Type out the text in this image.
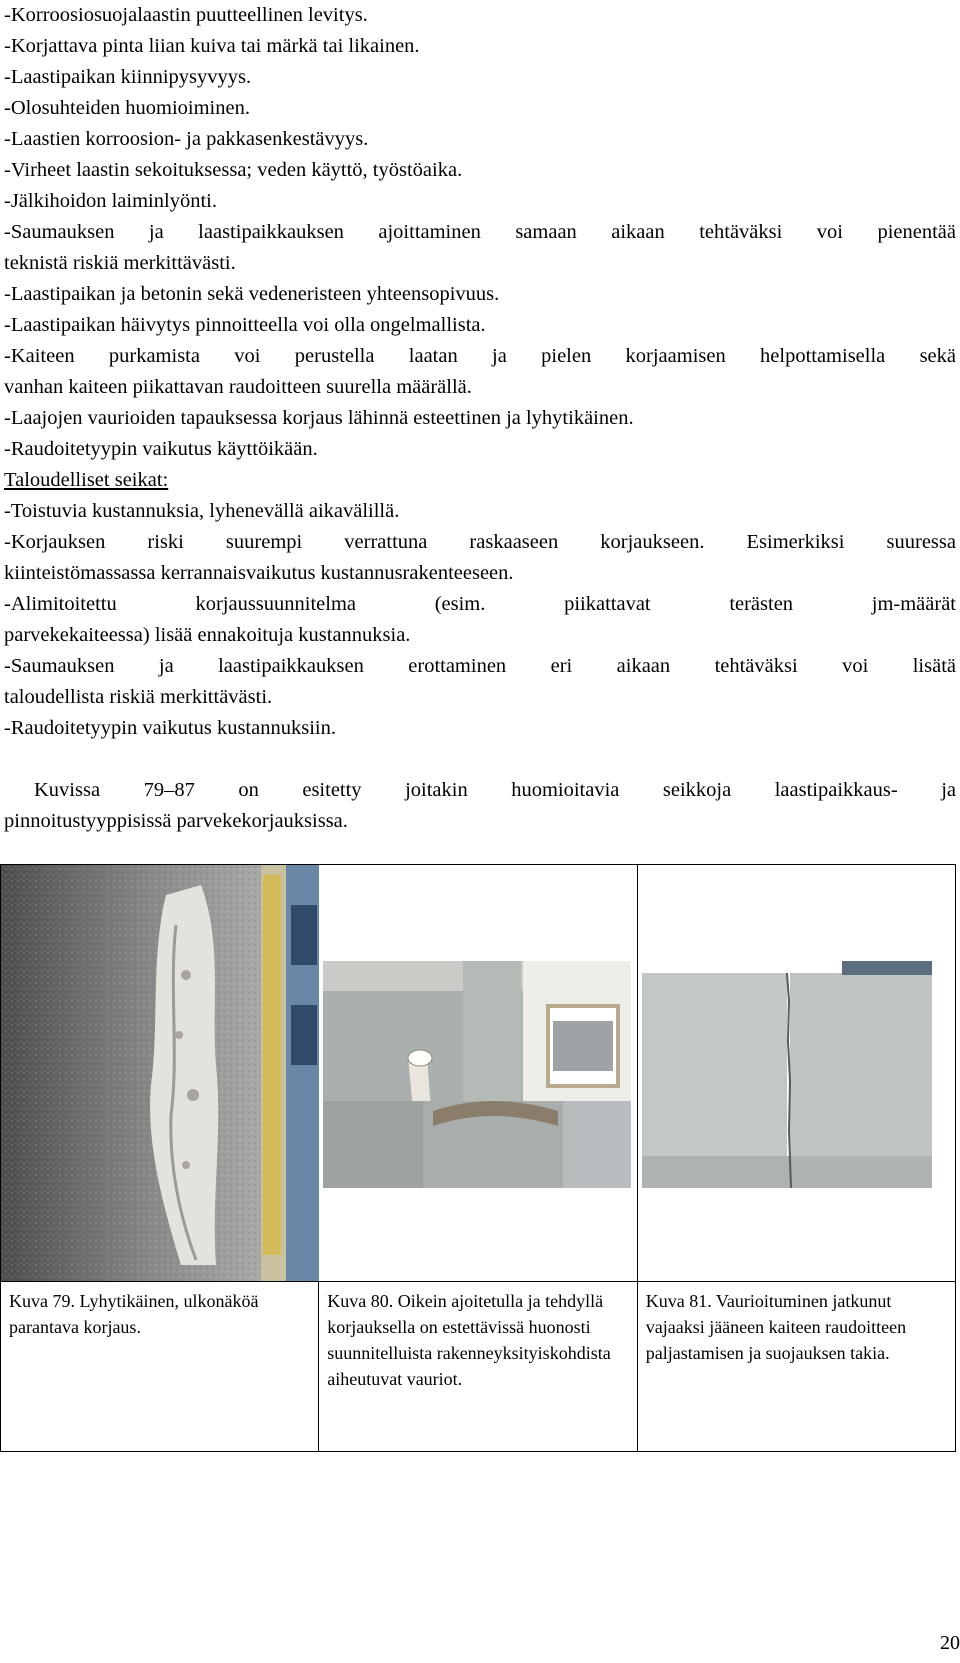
-Korroosiosuojalaastin puutteellinen levitys.
-Korjattava pinta liian kuiva tai märkä tai likainen.
-Laastipaikan kiinnipysyvyys.
-Olosuhteiden huomioiminen.
-Laastien korroosion- ja pakkasenkestävyys.
-Virheet laastin sekoituksessa; veden käyttö, työstöaika.
-Jälkihoidon laiminlyönti.
-Saumauksen ja laastipaikkauksen ajoittaminen samaan aikaan tehtäväksi voi pienentää
teknistä riskiä merkittävästi.
-Laastipaikan ja betonin sekä vedeneristeen yhteensopivuus.
-Laastipaikan häivytys pinnoitteella voi olla ongelmallista.
-Kaiteen purkamista voi perustella laatan ja pielen korjaamisen helpottamisella sekä
vanhan kaiteen piikattavan raudoitteen suurella määrällä.
-Laajojen vaurioiden tapauksessa korjaus lähinnä esteettinen ja lyhytikäinen.
-Raudoitetyypin vaikutus käyttöikään.
Taloudelliset seikat:
-Toistuvia kustannuksia, lyhenevällä aikavälillä.
-Korjauksen riski suurempi verrattuna raskaaseen korjaukseen. Esimerkiksi suuressa
kiinteistömassassa kerrannaisvaikutus kustannusrakenteeseen.
-Alimitoitettu korjaussuunnitelma (esim. piikattavat terästen jm-määrät
parvekekaiteessa) lisää ennakoituja kustannuksia.
-Saumauksen ja laastipaikkauksen erottaminen eri aikaan tehtäväksi voi lisätä
taloudellista riskiä merkittävästi.
-Raudoitetyypin vaikutus kustannuksiin.
Kuvissa 79–87 on esitetty joitakin huomioitavia seikkoja laastipaikkaus- ja
pinnoitustyyppisissä parvekekorjauksissa.

Kuva 79. Lyhytikäinen, ulkonäköä parantava korjaus.	Kuva 80. Oikein ajoitetulla ja tehdyllä korjauksella on estettävissä huonosti suunnitelluista rakenneyksityiskohdista aiheutuvat vauriot.	Kuva 81. Vaurioituminen jatkunut vajaaksi jääneen kaiteen raudoitteen paljastamisen ja suojauksen takia.
20
